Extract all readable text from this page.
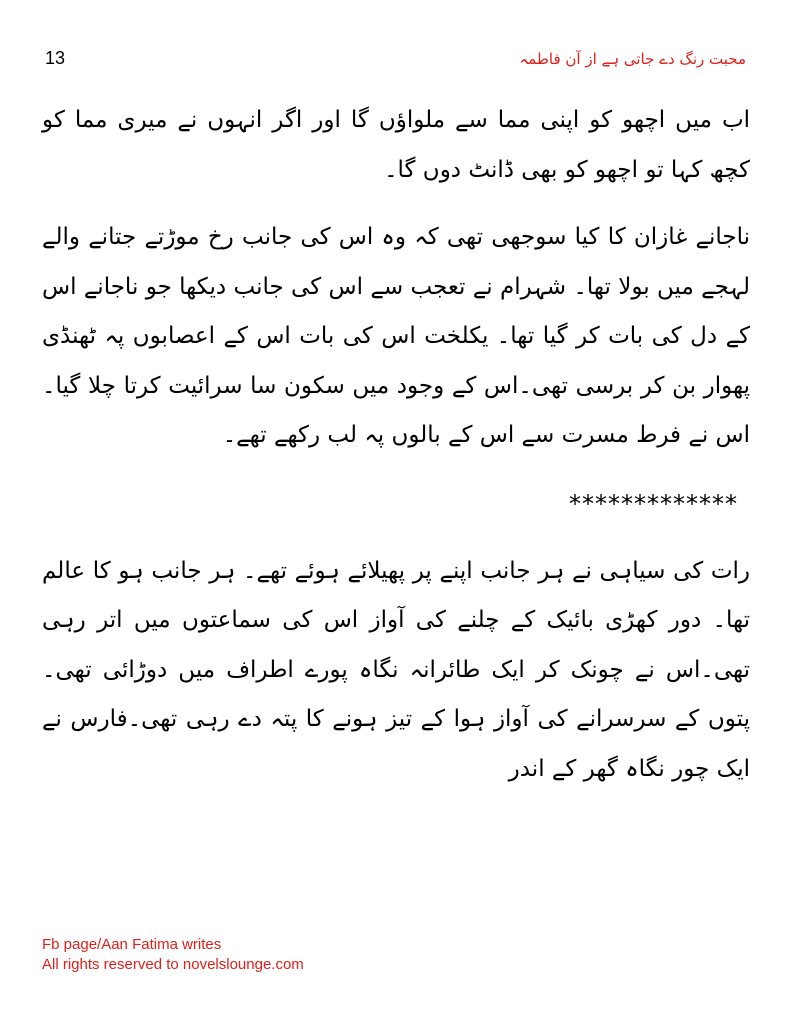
13	محبت رنگ دے جاتی ہے از آن فاطمہ

اب میں اچھو کو اپنی مما سے ملواؤں گا اور اگر انہوں نے میری مما کو کچھ کہا تو اچھو کو بھی ڈانٹ دوں گا۔

ناجانے غازان کا کیا سوجھی تھی کہ وہ اس کی جانب رخ موڑتے جتانے والے لہجے میں بولا تھا۔ شہرام نے تعجب سے اس کی جانب دیکھا جو ناجانے اس کے دل کی بات کر گیا تھا۔ یکلخت اس کی بات اس کے اعصابوں پہ ٹھنڈی پھوار بن کر برسی تھی۔اس کے وجود میں سکون سا سرائیت کرتا چلا گیا۔اس نے فرط مسرت سے اس کے بالوں پہ لب رکھے تھے۔

*************

رات کی سیاہی نے ہر جانب اپنے پر پھیلائے ہوئے تھے۔ ہر جانب ہو کا عالم تھا۔ دور کھڑی بائیک کے چلنے کی آواز اس کی سماعتوں میں اتر رہی تھی۔اس نے چونک کر ایک طائرانہ نگاہ پورے اطراف میں دوڑائی تھی۔پتوں کے سرسرانے کی آواز ہوا کے تیز ہونے کا پتہ دے رہی تھی۔فارس نے ایک چور نگاہ گھر کے اندر

Fb page/Aan Fatima writes
All rights reserved to novelslounge.com
